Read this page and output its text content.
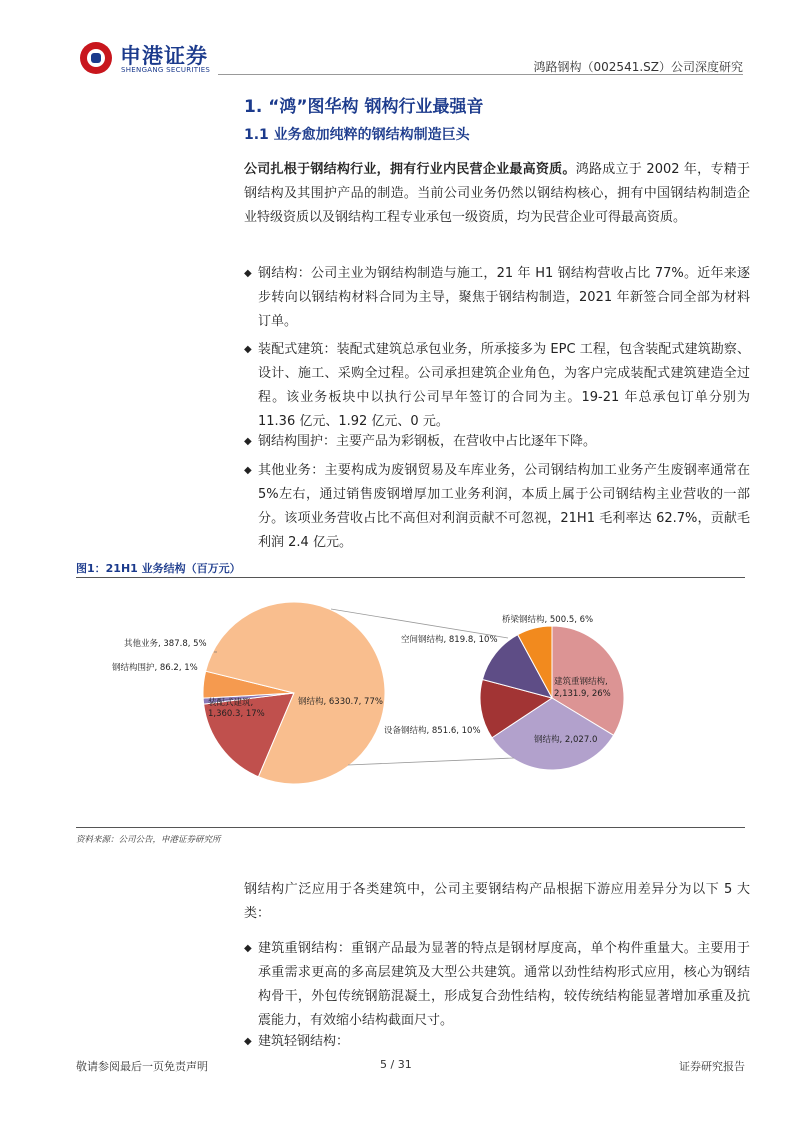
申港证券
SHENGANG SECURITIES	鸿路钢构（002541.SZ）公司深度研究
1. “鸿”图华构 钢构行业最强音
1.1 业务愈加纯粹的钢结构制造巨头
公司扎根于钢结构行业，拥有行业内民营企业最高资质。鸿路成立于 2002 年，专精于钢结构及其围护产品的制造。当前公司业务仍然以钢结构核心，拥有中国钢结构制造企业特级资质以及钢结构工程专业承包一级资质，均为民营企业可得最高资质。
◆ 钢结构：公司主业为钢结构制造与施工，21 年 H1 钢结构营收占比 77%。近年来逐步转向以钢结构材料合同为主导，聚焦于钢结构制造，2021 年新签合同全部为材料订单。
◆ 装配式建筑：装配式建筑总承包业务，所承接多为 EPC 工程，包含装配式建筑勘察、设计、施工、采购全过程。公司承担建筑企业角色，为客户完成装配式建筑建造全过程。该业务板块中以执行公司早年签订的合同为主。19-21 年总承包订单分别为 11.36 亿元、1.92 亿元、0 元。
◆ 钢结构围护：主要产品为彩钢板，在营收中占比逐年下降。
◆ 其他业务：主要构成为废钢贸易及车库业务，公司钢结构加工业务产生废钢率通常在 5%左右，通过销售废钢增厚加工业务利润，本质上属于公司钢结构主业营收的一部分。该项业务营收占比不高但对利润贡献不可忽视，21H1 毛利率达 62.7%，贡献毛利润 2.4 亿元。
图1：21H1 业务结构（百万元）
钢结构, 6330.7, 77%
其他业务, 387.8, 5%
钢结构围护, 86.2, 1%
装配式建筑,
1,360.3, 17%
建筑重钢结构,
2,131.9, 26%
钢结构, 2,027.0
设备钢结构, 851.6, 10%
空间钢结构, 819.8, 10%
桥梁钢结构, 500.5, 6%
资料来源：公司公告，申港证券研究所
钢结构广泛应用于各类建筑中，公司主要钢结构产品根据下游应用差异分为以下 5 大类：
◆ 建筑重钢结构：重钢产品最为显著的特点是钢材厚度高，单个构件重量大。主要用于承重需求更高的多高层建筑及大型公共建筑。通常以劲性结构形式应用，核心为钢结构骨干，外包传统钢筋混凝土，形成复合劲性结构，较传统结构能显著增加承重及抗震能力，有效缩小结构截面尺寸。
◆ 建筑轻钢结构：
敬请参阅最后一页免责声明	5 / 31	证券研究报告
